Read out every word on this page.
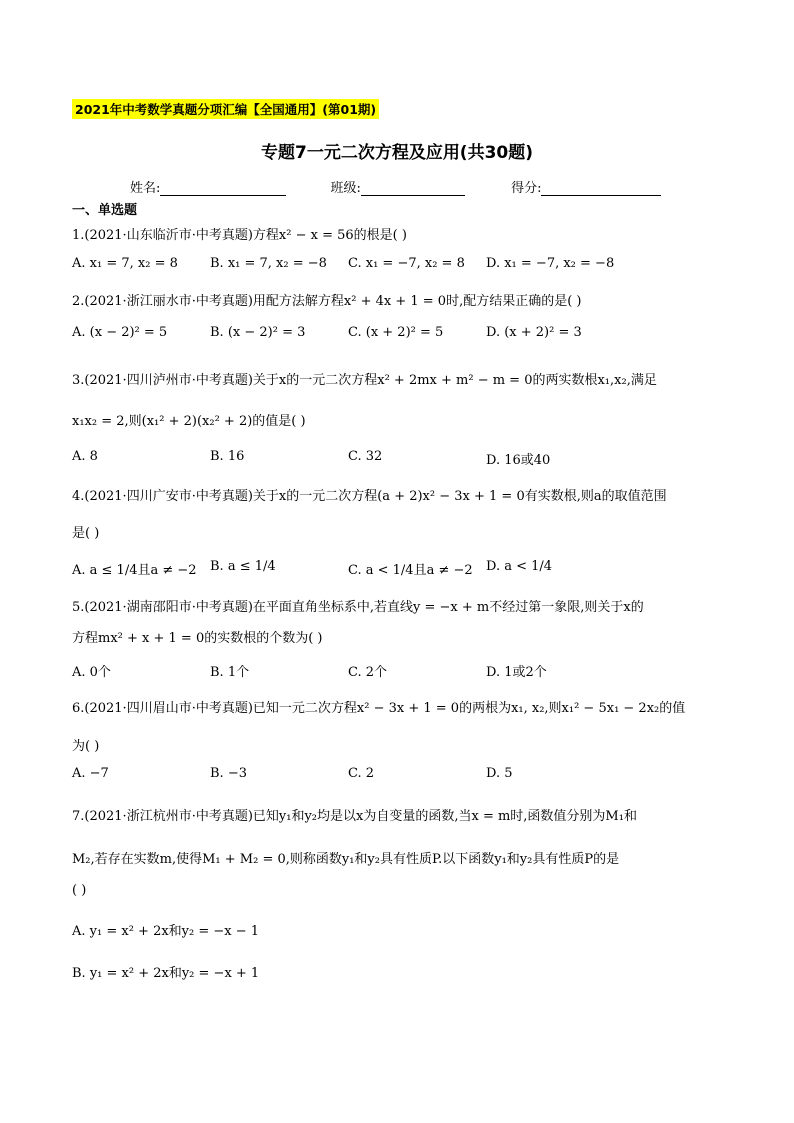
2021年中考数学真题分项汇编【全国通用】(第01期)
专题7一元二次方程及应用(共30题)
姓名:	班级:	得分:
一、单选题
1.(2021·山东临沂市·中考真题)方程x² − x = 56的根是( )
A. x₁ = 7, x₂ = 8 B. x₁ = 7, x₂ = −8 C. x₁ = −7, x₂ = 8 D. x₁ = −7, x₂ = −8
2.(2021·浙江丽水市·中考真题)用配方法解方程x² + 4x + 1 = 0时,配方结果正确的是( )
A. (x − 2)² = 5	B. (x − 2)² = 3	C. (x + 2)² = 5	D. (x + 2)² = 3
3.(2021·四川泸州市·中考真题)关于x的一元二次方程x² + 2mx + m² − m = 0的两实数根x₁,x₂,满足
x₁x₂ = 2,则(x₁² + 2)(x₂² + 2)的值是( )
A. 8	B. 16	C. 32	D. 16或40
4.(2021·四川广安市·中考真题)关于x的一元二次方程(a + 2)x² − 3x + 1 = 0有实数根,则a的取值范围
是( )
A. a ≤ 1/4且a ≠ −2 B. a ≤ 1/4	C. a < 1/4且a ≠ −2 D. a < 1/4
5.(2021·湖南邵阳市·中考真题)在平面直角坐标系中,若直线y = −x + m不经过第一象限,则关于x的
方程mx² + x + 1 = 0的实数根的个数为( )
A. 0个	B. 1个	C. 2个	D. 1或2个
6.(2021·四川眉山市·中考真题)已知一元二次方程x² − 3x + 1 = 0的两根为x₁, x₂,则x₁² − 5x₁ − 2x₂的值
为( )
A. −7	B. −3	C. 2	D. 5
7.(2021·浙江杭州市·中考真题)已知y₁和y₂均是以x为自变量的函数,当x = m时,函数值分别为M₁和
M₂,若存在实数m,使得M₁ + M₂ = 0,则称函数y₁和y₂具有性质P.以下函数y₁和y₂具有性质P的是
( )
A. y₁ = x² + 2x和y₂ = −x − 1
B. y₁ = x² + 2x和y₂ = −x + 1
